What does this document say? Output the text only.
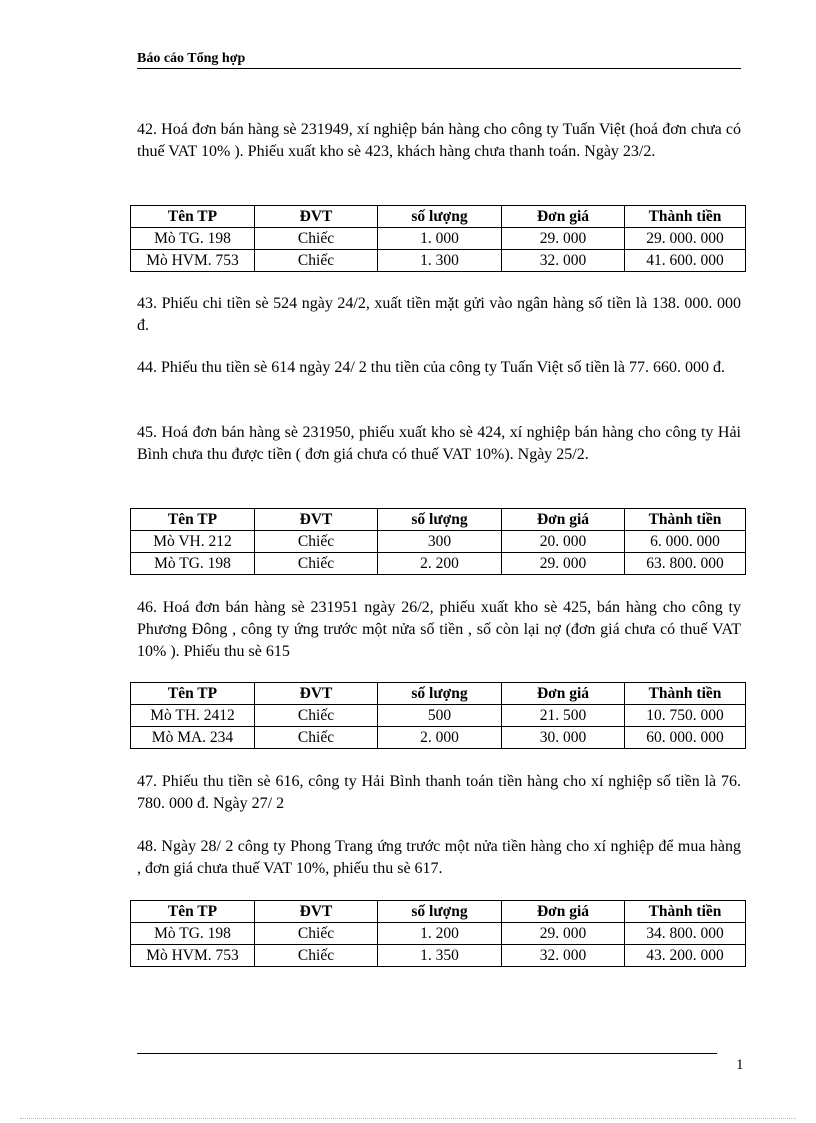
Báo cáo Tổng hợp

42. Hoá đơn bán hàng sè 231949, xí nghiệp bán hàng cho công ty Tuấn Việt (hoá đơn chưa có thuế VAT 10% ). Phiếu xuất kho sè 423, khách hàng chưa thanh toán. Ngày 23/2.

Tên TP	ĐVT	số lượng	Đơn giá	Thành tiền
Mò TG. 198	Chiếc	1. 000	29. 000	29. 000. 000
Mò HVM. 753	Chiếc	1. 300	32. 000	41. 600. 000

43. Phiếu chi tiền sè 524 ngày 24/2, xuất tiền mặt gửi vào ngân hàng số tiền là 138. 000. 000 đ.

44. Phiếu thu tiền sè 614 ngày 24/ 2 thu tiền của công ty Tuấn Việt số tiền là 77. 660. 000 đ.

45. Hoá đơn bán hàng sè 231950, phiếu xuất kho sè 424, xí nghiệp bán hàng cho công ty Hải Bình chưa thu được tiền ( đơn giá chưa có thuế VAT 10%). Ngày 25/2.

Tên TP	ĐVT	số lượng	Đơn giá	Thành tiền
Mò VH. 212	Chiếc	300	20. 000	6. 000. 000
Mò TG. 198	Chiếc	2. 200	29. 000	63. 800. 000

46. Hoá đơn bán hàng sè 231951 ngày 26/2, phiếu xuất kho sè 425, bán hàng cho công ty Phương Đông , công ty ứng trước một nửa số tiền , số còn lại nợ (đơn giá chưa có thuế VAT 10% ). Phiếu thu sè 615

Tên TP	ĐVT	số lượng	Đơn giá	Thành tiền
Mò TH. 2412	Chiếc	500	21. 500	10. 750. 000
Mò MA. 234	Chiếc	2. 000	30. 000	60. 000. 000

47. Phiếu thu tiền sè 616, công ty Hải Bình thanh toán tiền hàng cho xí nghiệp số tiền là 76. 780. 000 đ. Ngày 27/ 2

48. Ngày 28/ 2 công ty Phong Trang ứng trước một nửa tiền hàng cho xí nghiệp để mua hàng , đơn giá chưa thuế VAT 10%, phiếu thu sè 617.

Tên TP	ĐVT	số lượng	Đơn giá	Thành tiền
Mò TG. 198	Chiếc	1. 200	29. 000	34. 800. 000
Mò HVM. 753	Chiếc	1. 350	32. 000	43. 200. 000
1
